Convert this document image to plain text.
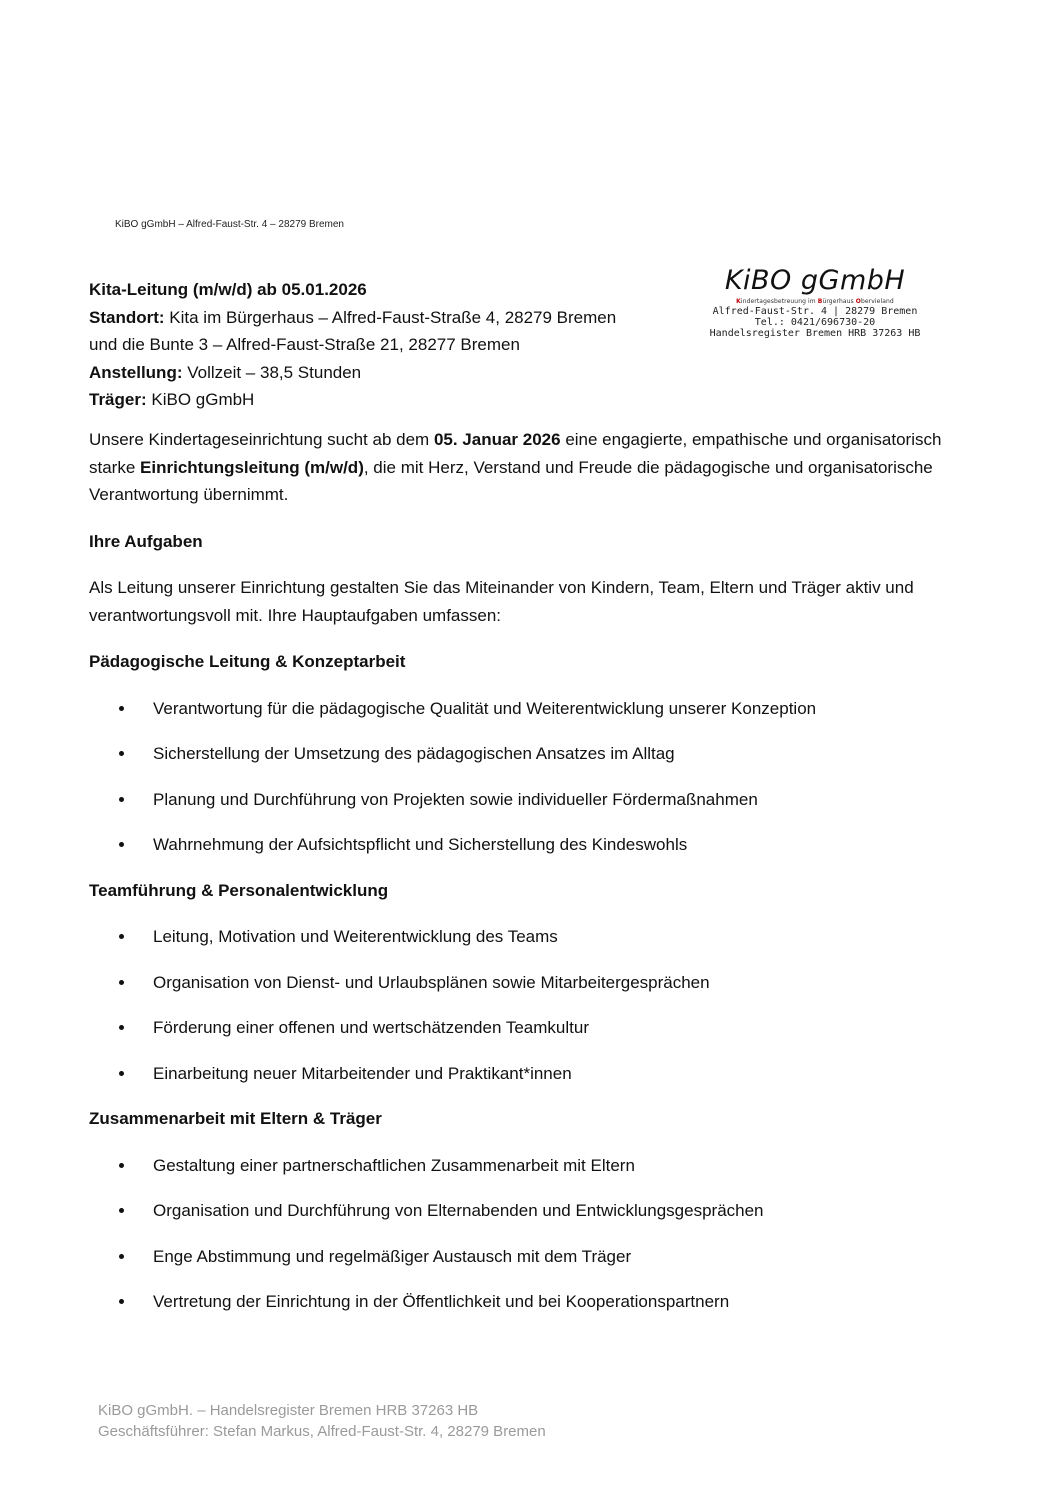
KiBO gGmbH – Alfred-Faust-Str. 4 – 28279 Bremen
Kita-Leitung (m/w/d) ab 05.01.2026
Standort: Kita im Bürgerhaus – Alfred-Faust-Straße 4, 28279 Bremen
und die Bunte 3 – Alfred-Faust-Straße 21, 28277 Bremen
Anstellung: Vollzeit – 38,5 Stunden
Träger: KiBO gGmbH
KiBO gGmbH
Kindertagesbetreuung im Bürgerhaus Obervieland
Alfred-Faust-Str. 4 | 28279 Bremen
Tel.: 0421/696730-20
Handelsregister Bremen HRB 37263 HB

Unsere Kindertageseinrichtung sucht ab dem 05. Januar 2026 eine engagierte, empathische und organisatorisch starke Einrichtungsleitung (m/w/d), die mit Herz, Verstand und Freude die pädagogische und organisatorische Verantwortung übernimmt.

Ihre Aufgaben

Als Leitung unserer Einrichtung gestalten Sie das Miteinander von Kindern, Team, Eltern und Träger aktiv und verantwortungsvoll mit. Ihre Hauptaufgaben umfassen:

Pädagogische Leitung & Konzeptarbeit

Verantwortung für die pädagogische Qualität und Weiterentwicklung unserer Konzeption
Sicherstellung der Umsetzung des pädagogischen Ansatzes im Alltag
Planung und Durchführung von Projekten sowie individueller Fördermaßnahmen
Wahrnehmung der Aufsichtspflicht und Sicherstellung des Kindeswohls

Teamführung & Personalentwicklung

Leitung, Motivation und Weiterentwicklung des Teams
Organisation von Dienst- und Urlaubsplänen sowie Mitarbeitergesprächen
Förderung einer offenen und wertschätzenden Teamkultur
Einarbeitung neuer Mitarbeitender und Praktikant*innen

Zusammenarbeit mit Eltern & Träger

Gestaltung einer partnerschaftlichen Zusammenarbeit mit Eltern
Organisation und Durchführung von Elternabenden und Entwicklungsgesprächen
Enge Abstimmung und regelmäßiger Austausch mit dem Träger
Vertretung der Einrichtung in der Öffentlichkeit und bei Kooperationspartnern
KiBO gGmbH. – Handelsregister Bremen HRB 37263 HB
Geschäftsführer: Stefan Markus, Alfred-Faust-Str. 4, 28279 Bremen
